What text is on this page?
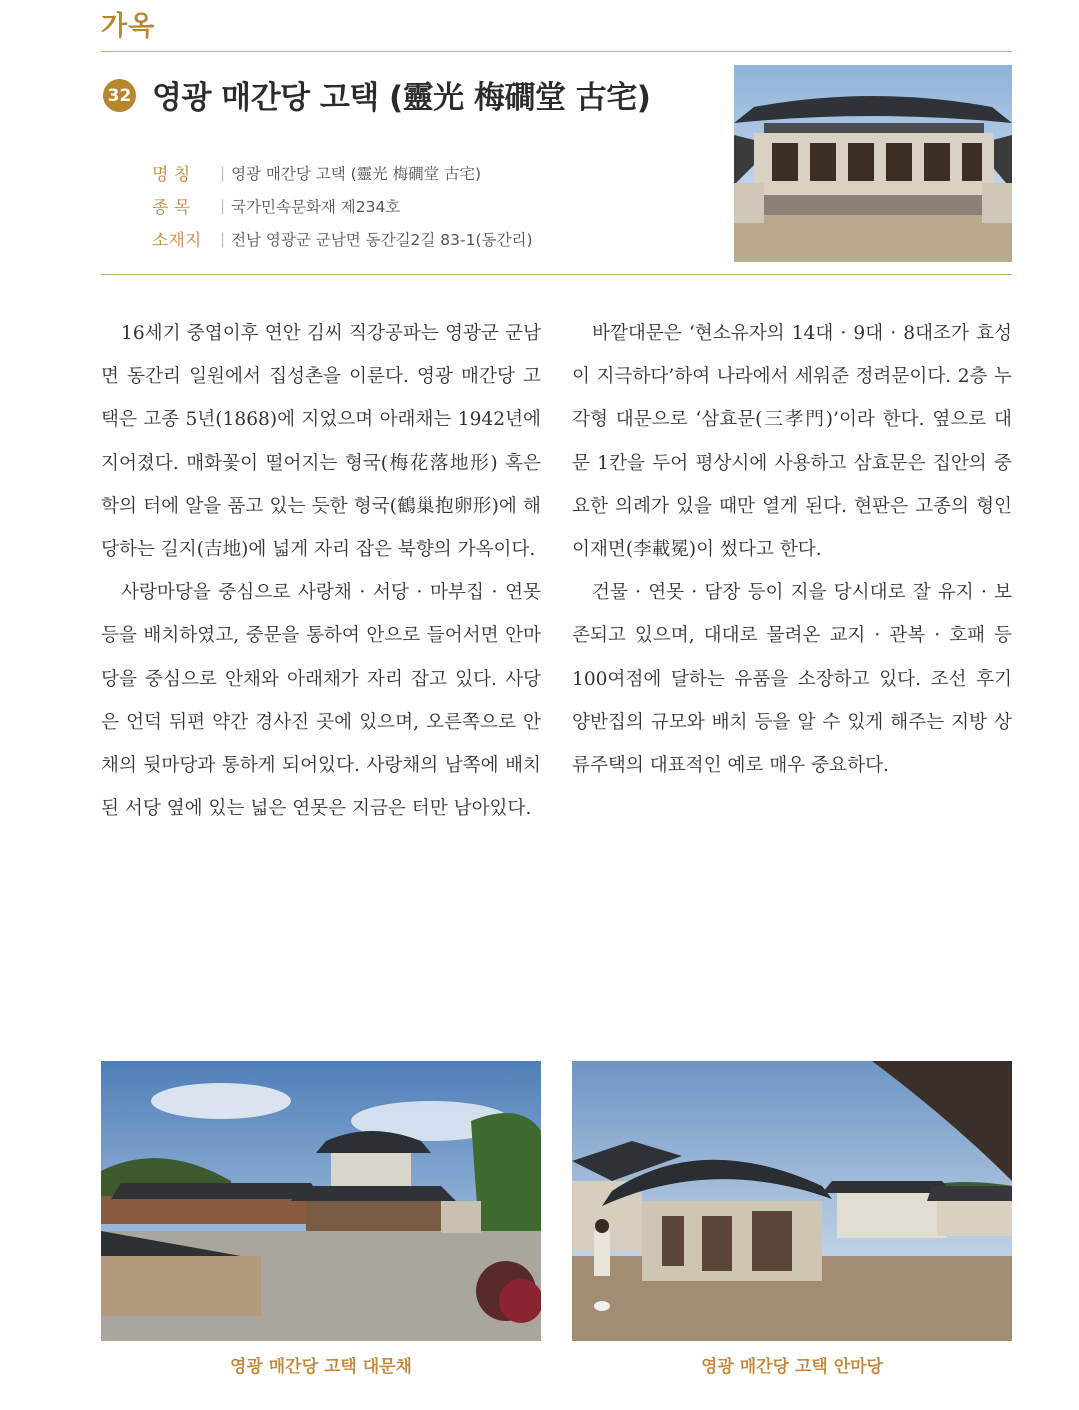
가옥
32 영광 매간당 고택 (靈光 梅磵堂 古宅)
명 칭	| 영광 매간당 고택 (靈光 梅磵堂 古宅)
종 목	| 국가민속문화재 제234호
소재지	| 전남 영광군 군남면 동간길2길 83-1(동간리)

16세기 중엽이후 연안 김씨 직강공파는 영광군 군남면 동간리 일원에서 집성촌을 이룬다. 영광 매간당 고택은 고종 5년(1868)에 지었으며 아래채는 1942년에 지어졌다. 매화꽃이 떨어지는 형국(梅花落地形) 혹은 학의 터에 알을 품고 있는 듯한 형국(鶴巢抱卵形)에 해당하는 길지(吉地)에 넓게 자리 잡은 북향의 가옥이다.

사랑마당을 중심으로 사랑채 · 서당 · 마부집 · 연못 등을 배치하였고, 중문을 통하여 안으로 들어서면 안마당을 중심으로 안채와 아래채가 자리 잡고 있다. 사당은 언덕 뒤편 약간 경사진 곳에 있으며, 오른쪽으로 안채의 뒷마당과 통하게 되어있다. 사랑채의 남쪽에 배치된 서당 옆에 있는 넓은 연못은 지금은 터만 남아있다.

바깥대문은 ‘현소유자의 14대 · 9대 · 8대조가 효성이 지극하다’하여 나라에서 세워준 정려문이다. 2층 누각형 대문으로 ‘삼효문(三孝門)’이라 한다. 옆으로 대문 1칸을 두어 평상시에 사용하고 삼효문은 집안의 중요한 의례가 있을 때만 열게 된다. 현판은 고종의 형인 이재면(李載冕)이 썼다고 한다.

건물 · 연못 · 담장 등이 지을 당시대로 잘 유지 · 보존되고 있으며, 대대로 물려온 교지 · 관복 · 호패 등 100여점에 달하는 유품을 소장하고 있다. 조선 후기 양반집의 규모와 배치 등을 알 수 있게 해주는 지방 상류주택의 대표적인 예로 매우 중요하다.

영광 매간당 고택 대문채	영광 매간당 고택 안마당
